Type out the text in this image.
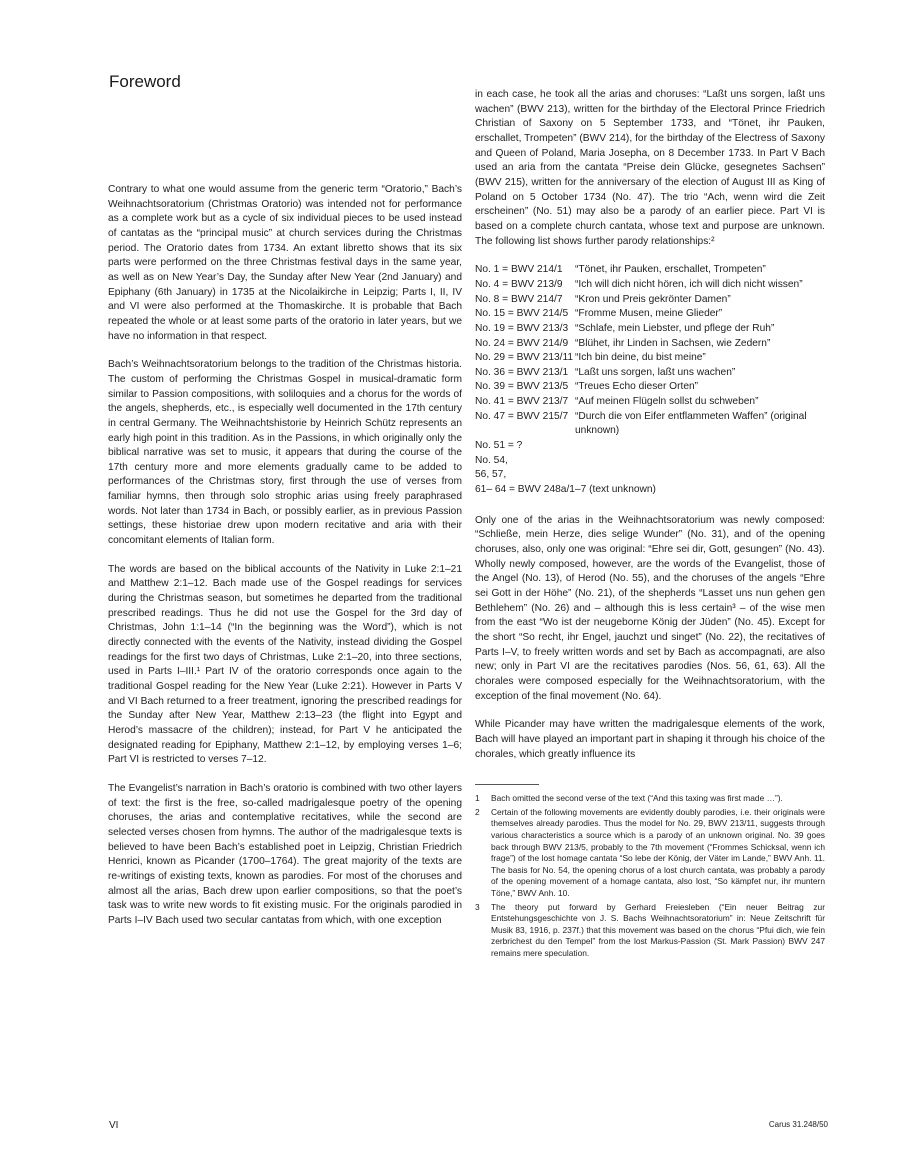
Foreword

Contrary to what one would assume from the generic term “Oratorio,” Bach’s Weihnachtsoratorium (Christmas Oratorio) was intended not for performance as a complete work but as a cycle of six individual pieces to be used instead of cantatas as the “principal music” at church services during the Christmas period. The Oratorio dates from 1734. An extant libretto shows that its six parts were performed on the three Christmas festival days in the same year, as well as on New Year’s Day, the Sunday after New Year (2nd January) and Epiphany (6th January) in 1735 at the Nicolaikirche in Leipzig; Parts I, II, IV and VI were also performed at the Thomaskirche. It is probable that Bach repeated the whole or at least some parts of the oratorio in later years, but we have no information in that respect.

Bach’s Weihnachtsoratorium belongs to the tradition of the Christmas historia. The custom of performing the Christmas Gospel in musical-dramatic form similar to Passion compositions, with soliloquies and a chorus for the words of the angels, shepherds, etc., is especially well documented in the 17th century in central Germany. The Weihnachtshistorie by Heinrich Schütz represents an early high point in this tradition. As in the Passions, in which originally only the biblical narrative was set to music, it appears that during the course of the 17th century more and more elements gradually came to be added to performances of the Christmas story, first through the use of verses from familiar hymns, then through solo strophic arias using freely paraphrased words. Not later than 1734 in Bach, or possibly earlier, as in previous Passion settings, these historiae drew upon modern recitative and aria with their concomitant elements of Italian form.

The words are based on the biblical accounts of the Nativity in Luke 2:1–21 and Matthew 2:1–12. Bach made use of the Gospel readings for services during the Christmas season, but sometimes he departed from the traditional prescribed readings. Thus he did not use the Gospel for the 3rd day of Christmas, John 1:1–14 (“In the beginning was the Word”), which is not directly connected with the events of the Nativity, instead dividing the Gospel readings for the first two days of Christmas, Luke 2:1–20, into three sections, used in Parts I–III.¹ Part IV of the oratorio corresponds once again to the traditional Gospel reading for the New Year (Luke 2:21). However in Parts V and VI Bach returned to a freer treatment, ignoring the prescribed readings for the Sunday after New Year, Matthew 2:13–23 (the flight into Egypt and Herod’s massacre of the children); instead, for Part V he anticipated the designated reading for Epiphany, Matthew 2:1–12, by employing verses 1–6; Part VI is restricted to verses 7–12.

The Evangelist’s narration in Bach’s oratorio is combined with two other layers of text: the first is the free, so-called madrigalesque poetry of the opening choruses, the arias and contemplative recitatives, while the second are selected verses chosen from hymns. The author of the madrigalesque texts is believed to have been Bach’s established poet in Leipzig, Christian Friedrich Henrici, known as Picander (1700–1764). The great majority of the texts are re-writings of existing texts, known as parodies. For most of the choruses and almost all the arias, Bach drew upon earlier compositions, so that the poet’s task was to write new words to fit existing music. For the originals parodied in Parts I–IV Bach used two secular cantatas from which, with one exception

in each case, he took all the arias and choruses: “Laßt uns sorgen, laßt uns wachen” (BWV 213), written for the birthday of the Electoral Prince Friedrich Christian of Saxony on 5 September 1733, and “Tönet, ihr Pauken, erschallet, Trompeten” (BWV 214), for the birthday of the Electress of Saxony and Queen of Poland, Maria Josepha, on 8 December 1733. In Part V Bach used an aria from the cantata “Preise dein Glücke, gesegnetes Sachsen” (BWV 215), written for the anniversary of the election of August III as King of Poland on 5 October 1734 (No. 47). The trio “Ach, wenn wird die Zeit erscheinen” (No. 51) may also be a parody of an earlier piece. Part VI is based on a complete church cantata, whose text and purpose are unknown. The following list shows further parody relationships:²

No. 1 = BWV 214/1	“Tönet, ihr Pauken, erschallet, Trompeten”
No. 4 = BWV 213/9	“Ich will dich nicht hören, ich will dich nicht wissen”
No. 8 = BWV 214/7	“Kron und Preis gekrönter Damen”
No. 15 = BWV 214/5 “Fromme Musen, meine Glieder”
No. 19 = BWV 213/3 “Schlafe, mein Liebster, und pflege der Ruh”
No. 24 = BWV 214/9 “Blühet, ihr Linden in Sachsen, wie Zedern”
No. 29 = BWV 213/11 “Ich bin deine, du bist meine”
No. 36 = BWV 213/1 “Laßt uns sorgen, laßt uns wachen”
No. 39 = BWV 213/5 “Treues Echo dieser Orten”
No. 41 = BWV 213/7 “Auf meinen Flügeln sollst du schweben”
No. 47 = BWV 215/7 “Durch die von Eifer entflammeten Waffen” (original unknown)
No. 51 = ?
No. 54,
56, 57,
61– 64 = BWV 248a/1–7 (text unknown)

Only one of the arias in the Weihnachtsoratorium was newly composed: “Schließe, mein Herze, dies selige Wunder” (No. 31), and of the opening choruses, also, only one was original: “Ehre sei dir, Gott, gesungen” (No. 43). Wholly newly composed, however, are the words of the Evangelist, those of the Angel (No. 13), of Herod (No. 55), and the choruses of the angels “Ehre sei Gott in der Höhe” (No. 21), of the shepherds “Lasset uns nun gehen gen Bethlehem” (No. 26) and – although this is less certain³ – of the wise men from the east “Wo ist der neugeborne König der Jüden” (No. 45). Except for the short “So recht, ihr Engel, jauchzt und singet” (No. 22), the recitatives of Parts I–V, to freely written words and set by Bach as accompagnati, are also new; only in Part VI are the recitatives parodies (Nos. 56, 61, 63). All the chorales were composed especially for the Weihnachtsoratorium, with the exception of the final movement (No. 64).

While Picander may have written the madrigalesque elements of the work, Bach will have played an important part in shaping it through his choice of the chorales, which greatly influence its

1	Bach omitted the second verse of the text (“And this taxing was first made …”).
2	Certain of the following movements are evidently doubly parodies, i.e. their originals were themselves already parodies. Thus the model for No. 29, BWV 213/11, suggests through various characteristics a source which is a parody of an unknown original. No. 39 goes back through BWV 213/5, probably to the 7th movement (“Frommes Schicksal, wenn ich frage”) of the lost homage cantata “So lebe der König, der Väter im Lande,” BWV Anh. 11. The basis for No. 54, the opening chorus of a lost church cantata, was probably a parody of the opening movement of a homage cantata, also lost, “So kämpfet nur, ihr muntern Töne,” BWV Anh. 10.
3	The theory put forward by Gerhard Freiesleben (“Ein neuer Beitrag zur Entstehungsgeschichte von J. S. Bachs Weihnachtsoratorium” in: Neue Zeitschrift für Musik 83, 1916, p. 237f.) that this movement was based on the chorus “Pfui dich, wie fein zerbrichest du den Tempel” from the lost Markus-Passion (St. Mark Passion) BWV 247 remains mere speculation.
VI	Carus 31.248/50
